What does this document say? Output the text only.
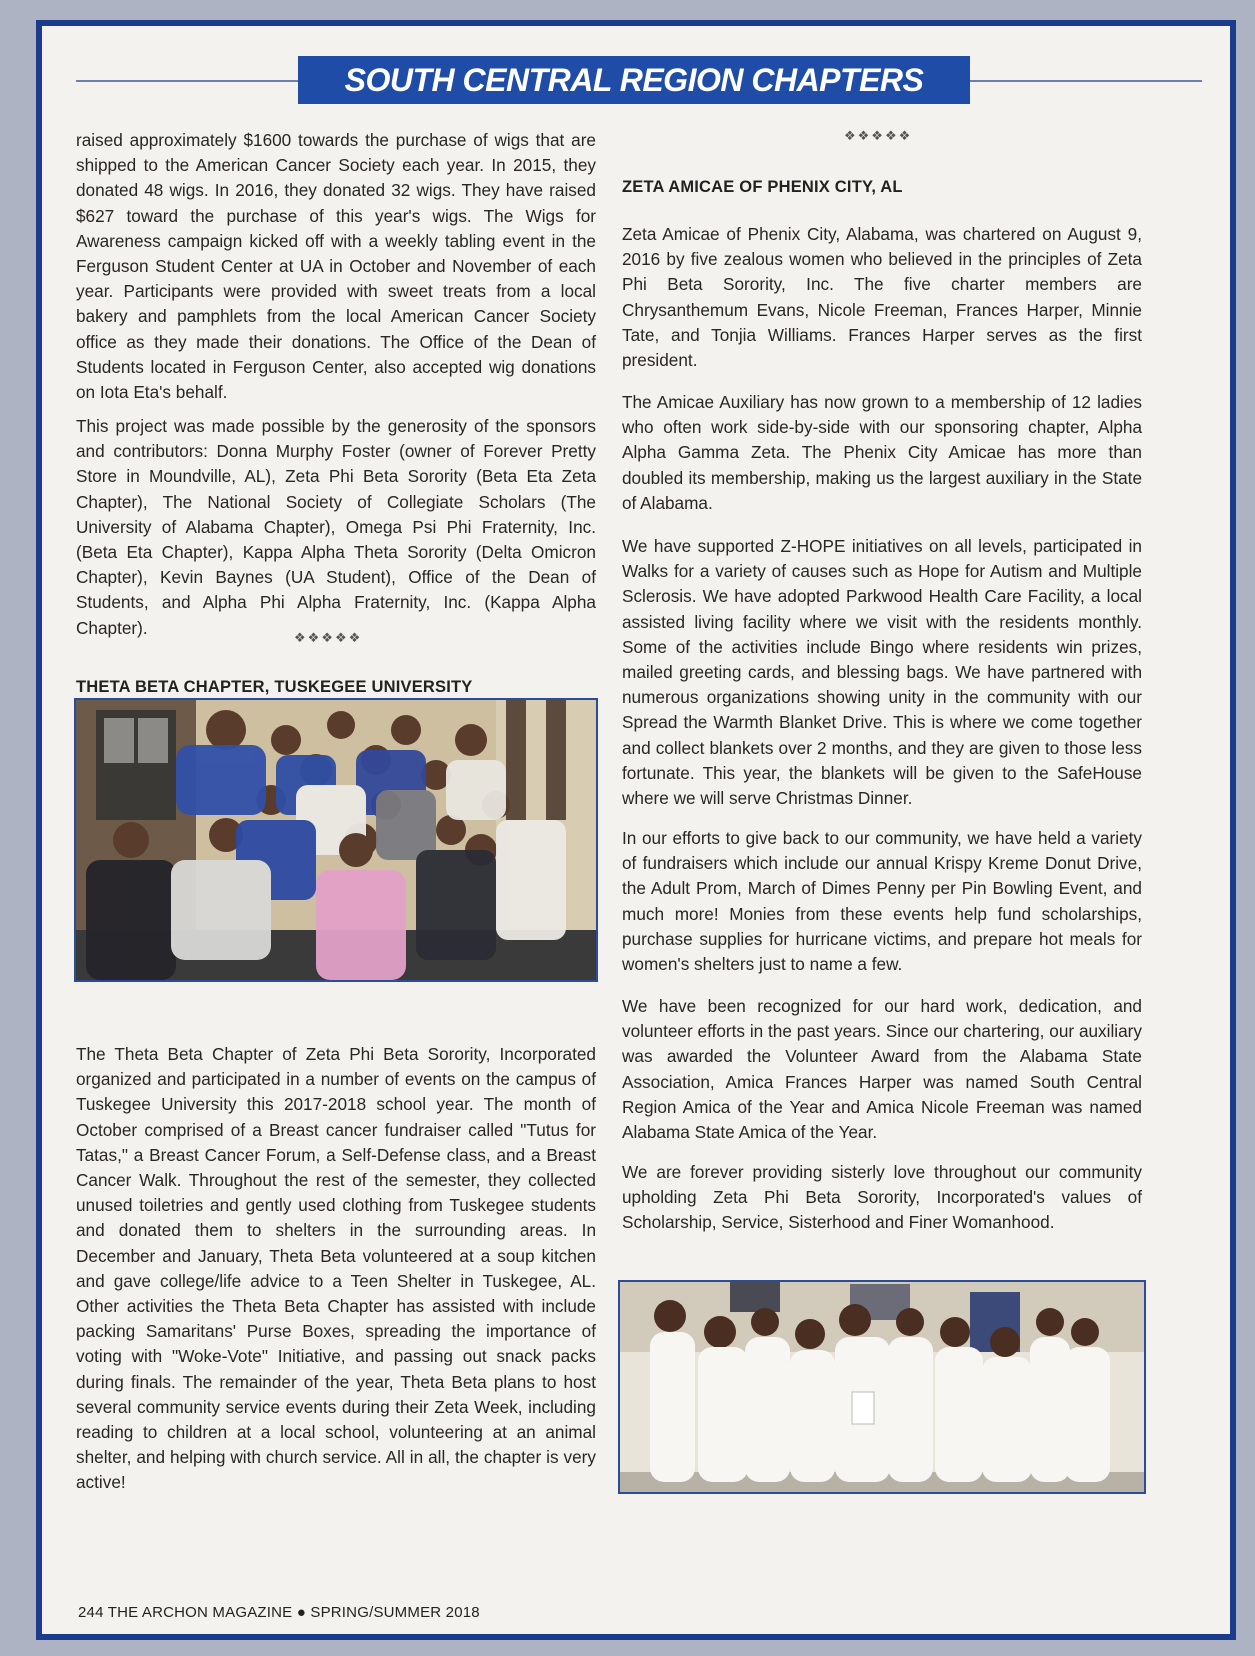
SOUTH CENTRAL REGION CHAPTERS

raised approximately $1600 towards the purchase of wigs that are shipped to the American Cancer Society each year. In 2015, they donated 48 wigs. In 2016, they donated 32 wigs. They have raised $627 toward the purchase of this year's wigs. The Wigs for Awareness campaign kicked off with a weekly tabling event in the Ferguson Student Center at UA in October and November of each year. Participants were provided with sweet treats from a local bakery and pamphlets from the local American Cancer Society office as they made their donations. The Office of the Dean of Students located in Ferguson Center, also accepted wig donations on Iota Eta's behalf.

This project was made possible by the generosity of the sponsors and contributors: Donna Murphy Foster (owner of Forever Pretty Store in Moundville, AL), Zeta Phi Beta Sorority (Beta Eta Zeta Chapter), The National Society of Collegiate Scholars (The University of Alabama Chapter), Omega Psi Phi Fraternity, Inc. (Beta Eta Chapter), Kappa Alpha Theta Sorority (Delta Omicron Chapter), Kevin Baynes (UA Student), Office of the Dean of Students, and Alpha Phi Alpha Fraternity, Inc. (Kappa Alpha Chapter).	❖❖❖❖❖
THETA BETA CHAPTER, TUSKEGEE UNIVERSITY

The Theta Beta Chapter of Zeta Phi Beta Sorority, Incorporated organized and participated in a number of events on the campus of Tuskegee University this 2017-2018 school year. The month of October comprised of a Breast cancer fundraiser called "Tutus for Tatas," a Breast Cancer Forum, a Self-Defense class, and a Breast Cancer Walk. Throughout the rest of the semester, they collected unused toiletries and gently used clothing from Tuskegee students and donated them to shelters in the surrounding areas. In December and January, Theta Beta volunteered at a soup kitchen and gave college/life advice to a Teen Shelter in Tuskegee, AL. Other activities the Theta Beta Chapter has assisted with include packing Samaritans' Purse Boxes, spreading the importance of voting with "Woke-Vote" Initiative, and passing out snack packs during finals. The remainder of the year, Theta Beta plans to host several community service events during their Zeta Week, including reading to children at a local school, volunteering at an animal shelter, and helping with church service. All in all, the chapter is very active!

❖❖❖❖❖
ZETA AMICAE OF PHENIX CITY, AL

Zeta Amicae of Phenix City, Alabama, was chartered on August 9, 2016 by five zealous women who believed in the principles of Zeta Phi Beta Sorority, Inc. The five charter members are Chrysanthemum Evans, Nicole Freeman, Frances Harper, Minnie Tate, and Tonjia Williams. Frances Harper serves as the first president.

The Amicae Auxiliary has now grown to a membership of 12 ladies who often work side-by-side with our sponsoring chapter, Alpha Alpha Gamma Zeta. The Phenix City Amicae has more than doubled its membership, making us the largest auxiliary in the State of Alabama.

We have supported Z-HOPE initiatives on all levels, participated in Walks for a variety of causes such as Hope for Autism and Multiple Sclerosis. We have adopted Parkwood Health Care Facility, a local assisted living facility where we visit with the residents monthly. Some of the activities include Bingo where residents win prizes, mailed greeting cards, and blessing bags. We have partnered with numerous organizations showing unity in the community with our Spread the Warmth Blanket Drive. This is where we come together and collect blankets over 2 months, and they are given to those less fortunate. This year, the blankets will be given to the SafeHouse where we will serve Christmas Dinner.

In our efforts to give back to our community, we have held a variety of fundraisers which include our annual Krispy Kreme Donut Drive, the Adult Prom, March of Dimes Penny per Pin Bowling Event, and much more! Monies from these events help fund scholarships, purchase supplies for hurricane victims, and prepare hot meals for women's shelters just to name a few.

We have been recognized for our hard work, dedication, and volunteer efforts in the past years. Since our chartering, our auxiliary was awarded the Volunteer Award from the Alabama State Association, Amica Frances Harper was named South Central Region Amica of the Year and Amica Nicole Freeman was named Alabama State Amica of the Year.

We are forever providing sisterly love throughout our community upholding Zeta Phi Beta Sorority, Incorporated's values of Scholarship, Service, Sisterhood and Finer Womanhood.

244 THE ARCHON MAGAZINE ● SPRING/SUMMER 2018
